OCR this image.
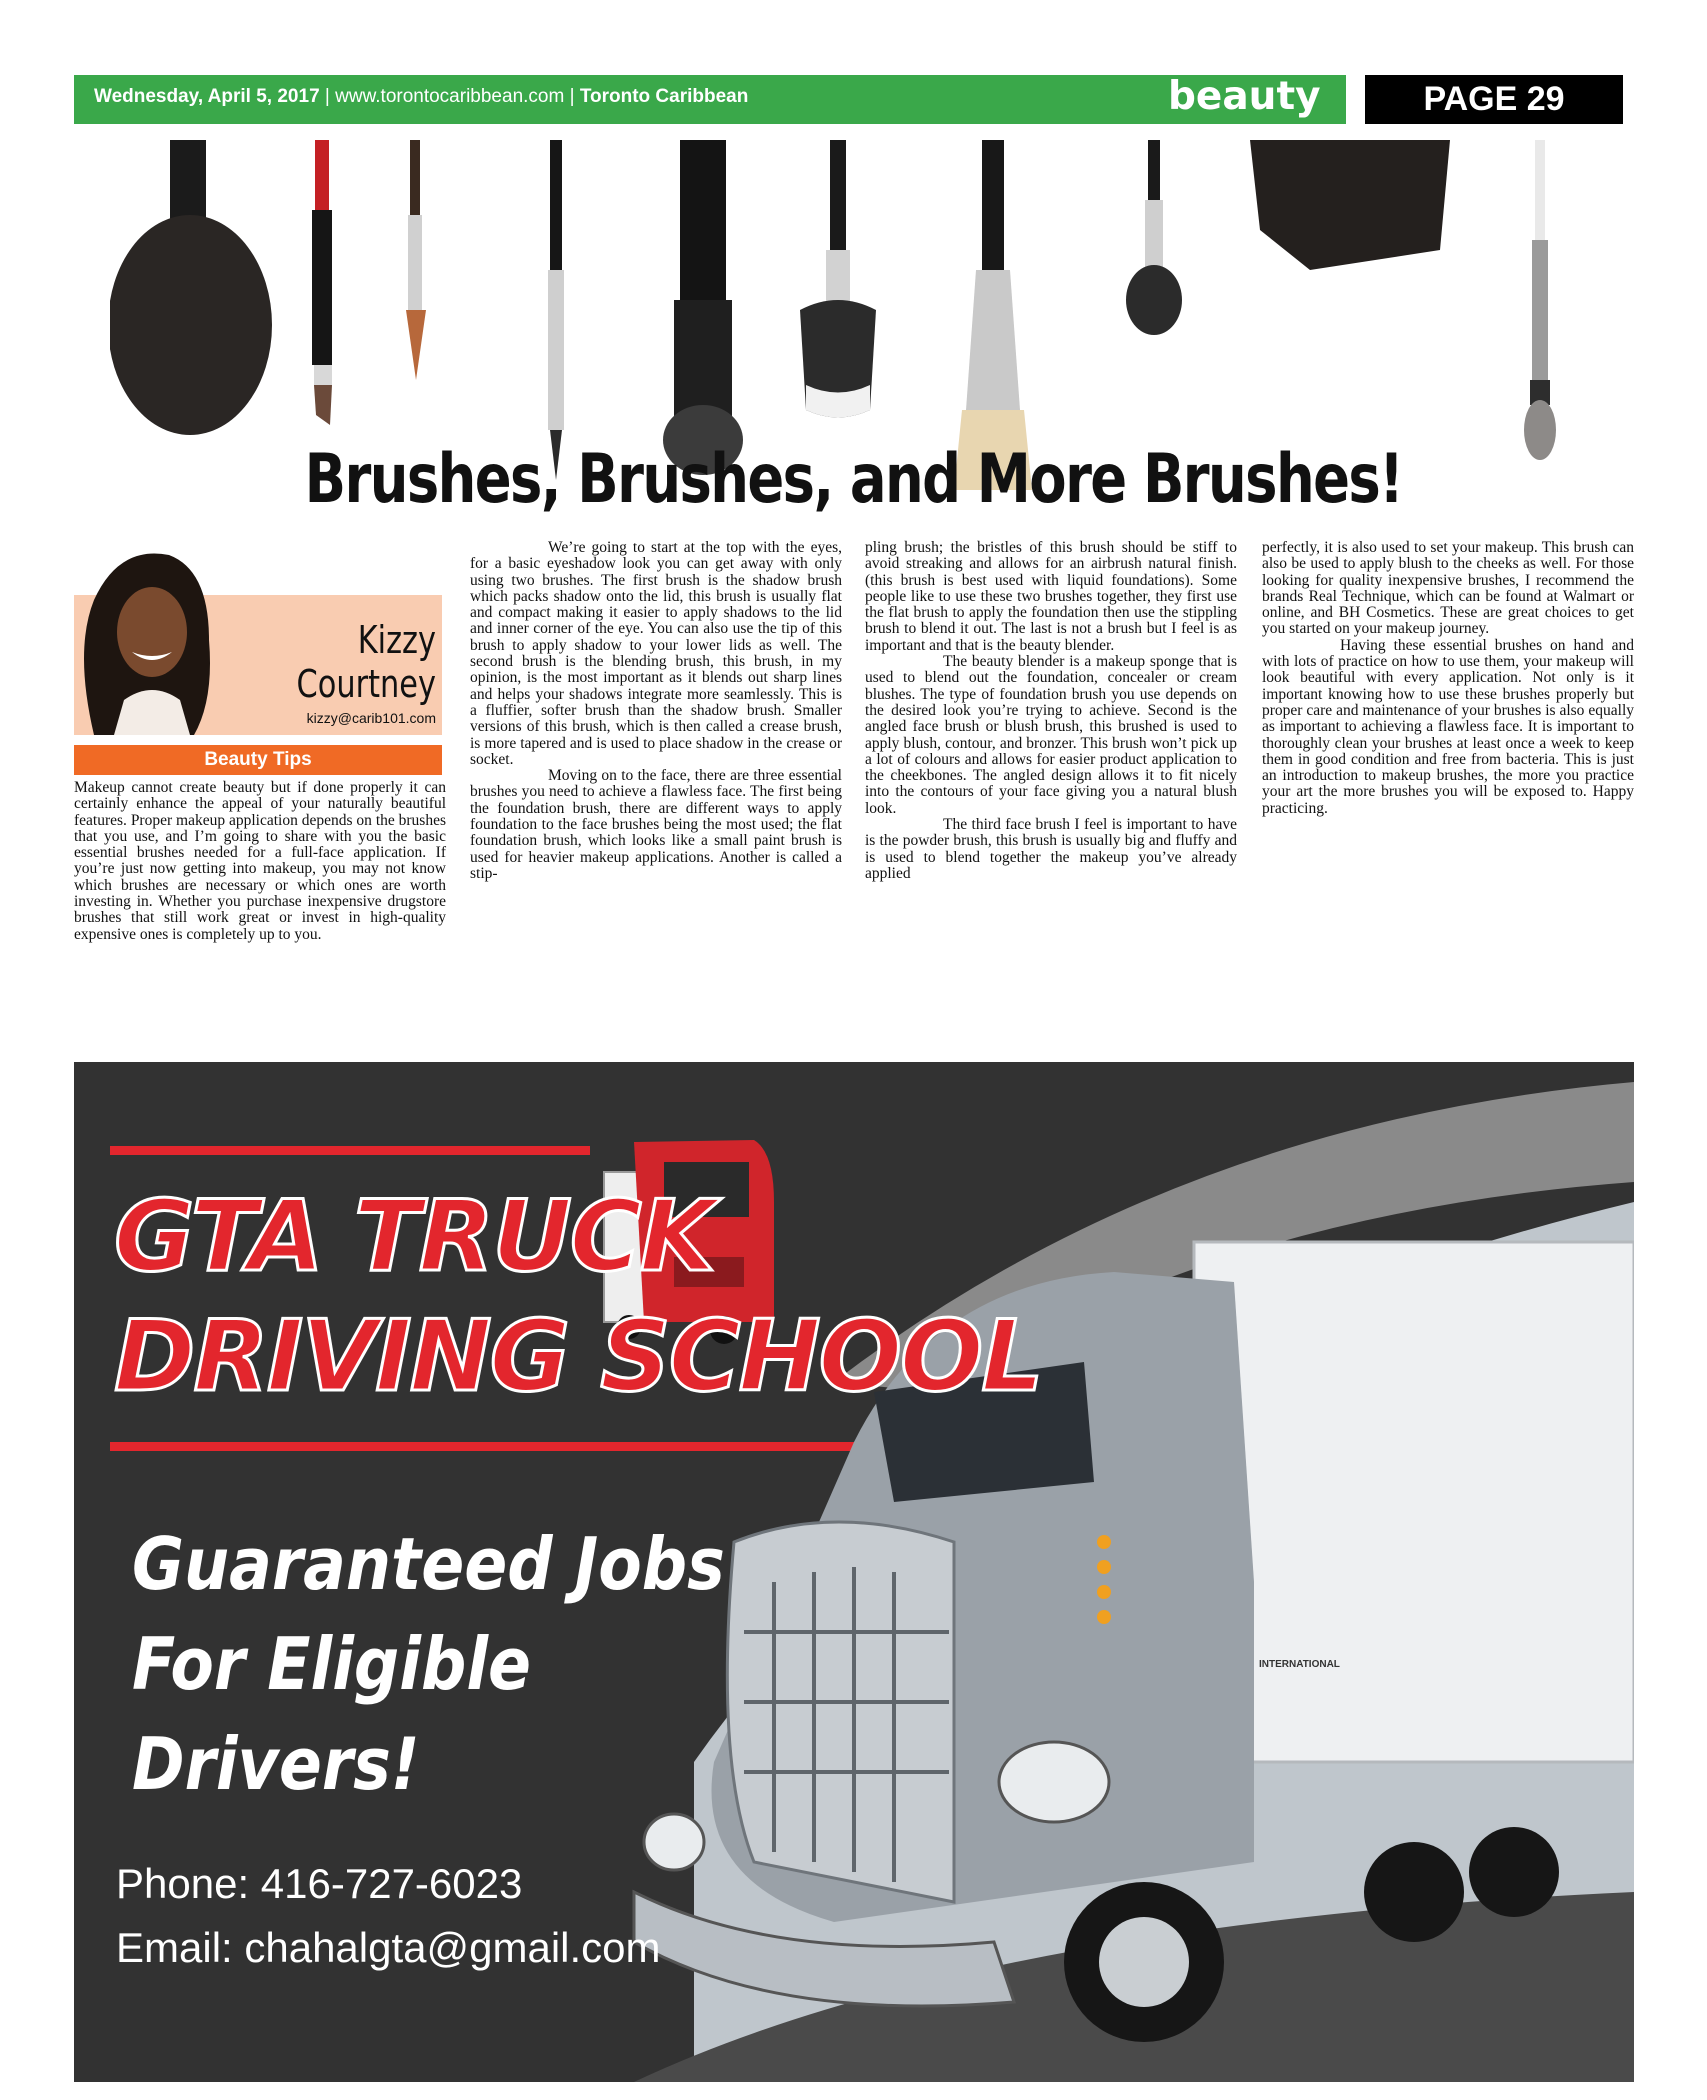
Wednesday, April 5, 2017 | www.torontocaribbean.com | Toronto Caribbean	beauty	PAGE 29
Brushes, Brushes, and More Brushes!
Kizzy
Courtney
kizzy@carib101.com
Beauty Tips

Makeup cannot create beauty but if done properly it can certainly enhance the appeal of your naturally beautiful features. Proper makeup application depends on the brushes that you use, and I’m going to share with you the basic essential brushes needed for a full-face application. If you’re just now getting into makeup, you may not know which brushes are necessary or which ones are worth investing in. Whether you purchase inexpensive drugstore brushes that still work great or invest in high-quality expensive ones is completely up to you.

We’re going to start at the top with the eyes, for a basic eyeshadow look you can get away with only using two brushes. The first brush is the shadow brush which packs shadow onto the lid, this brush is usually flat and compact making it easier to apply shadows to the lid and inner corner of the eye. You can also use the tip of this brush to apply shadow to your lower lids as well. The second brush is the blending brush, this brush, in my opinion, is the most important as it blends out sharp lines and helps your shadows integrate more seamlessly. This is a fluffier, softer brush than the shadow brush. Smaller versions of this brush, which is then called a crease brush, is more tapered and is used to place shadow in the crease or socket.

Moving on to the face, there are three essential brushes you need to achieve a flawless face. The first being the foundation brush, there are different ways to apply foundation to the face brushes being the most used; the flat foundation brush, which looks like a small paint brush is used for heavier makeup applications. Another is called a stip-

pling brush; the bristles of this brush should be stiff to avoid streaking and allows for an airbrush natural finish. (this brush is best used with liquid foundations). Some people like to use these two brushes together, they first use the flat brush to apply the foundation then use the stippling brush to blend it out. The last is not a brush but I feel is as important and that is the beauty blender.

The beauty blender is a makeup sponge that is used to blend out the foundation, concealer or cream blushes. The type of foundation brush you use depends on the desired look you’re trying to achieve. Second is the angled face brush or blush brush, this brushed is used to apply blush, contour, and bronzer. This brush won’t pick up a lot of colours and allows for easier product application to the cheekbones. The angled design allows it to fit nicely into the contours of your face giving you a natural blush look.

The third face brush I feel is important to have is the powder brush, this brush is usually big and fluffy and is used to blend together the makeup you’ve already applied

perfectly, it is also used to set your makeup. This brush can also be used to apply blush to the cheeks as well. For those looking for quality inexpensive brushes, I recommend the brands Real Technique, which can be found at Walmart or online, and BH Cosmetics. These are great choices to get you started on your makeup journey.

Having these essential brushes on hand and with lots of practice on how to use them, your makeup will look beautiful with every application. Not only is it important knowing how to use these brushes properly but proper care and maintenance of your brushes is also equally as important to achieving a flawless face. It is important to thoroughly clean your brushes at least once a week to keep them in good condition and free from bacteria. This is just an introduction to makeup brushes, the more you practice your art the more brushes you will be exposed to. Happy practicing.

INTERNATIONAL
GTA TRUCK
DRIVING SCHOOL
Guaranteed Jobs
For Eligible
Drivers!
Phone: 416-727-6023
Email: chahalgta@gmail.com
